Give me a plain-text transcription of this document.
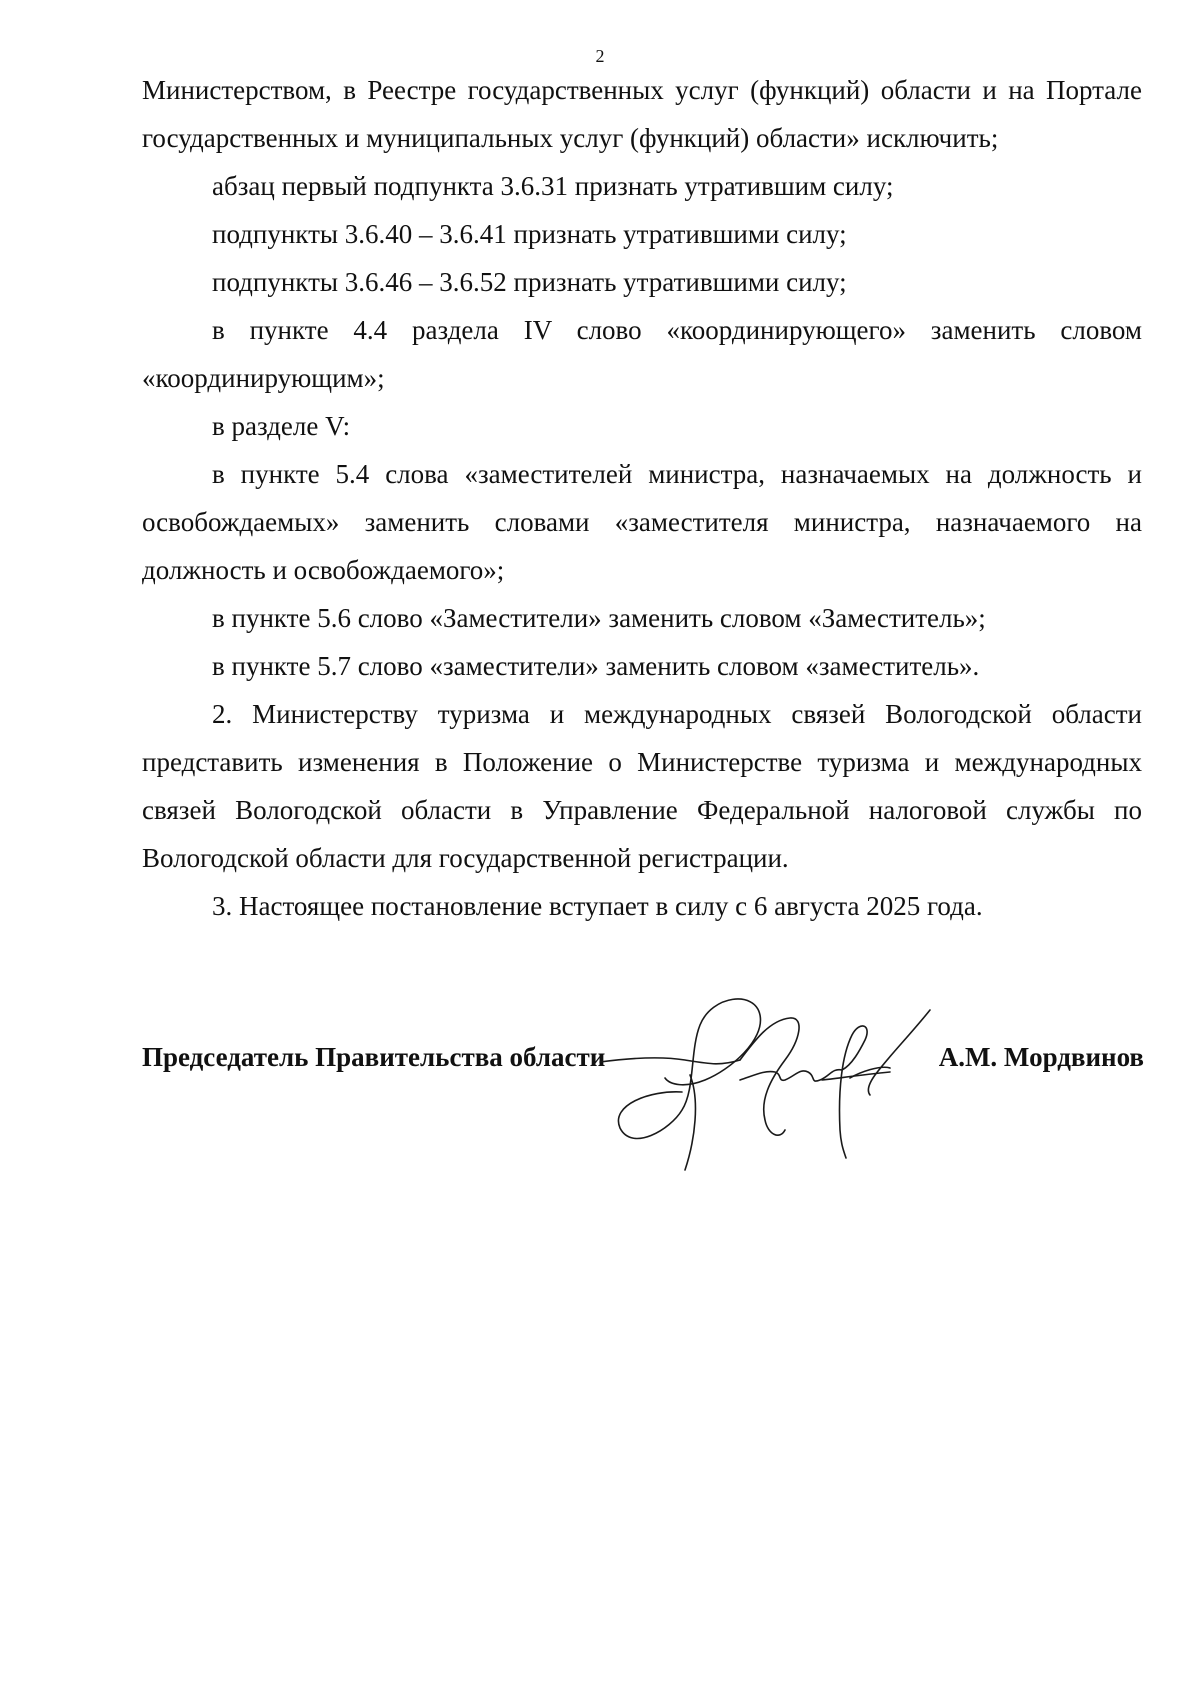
2

Министерством, в Реестре государственных услуг (функций) области и на Портале государственных и муниципальных услуг (функций) области» исключить;

абзац первый подпункта 3.6.31 признать утратившим силу;

подпункты 3.6.40 – 3.6.41 признать утратившими силу;

подпункты 3.6.46 – 3.6.52 признать утратившими силу;

в пункте 4.4 раздела IV слово «координирующего» заменить словом «координирующим»;

в разделе V:

в пункте 5.4 слова «заместителей министра, назначаемых на должность и освобождаемых» заменить словами «заместителя министра, назначаемого на должность и освобождаемого»;

в пункте 5.6 слово «Заместители» заменить словом «Заместитель»;

в пункте 5.7 слово «заместители» заменить словом «заместитель».

2. Министерству туризма и международных связей Вологодской области представить изменения в Положение о Министерстве туризма и международных связей Вологодской области в Управление Федеральной налоговой службы по Вологодской области для государственной регистрации.

3. Настоящее постановление вступает в силу с 6 августа 2025 года.

Председатель Правительства области	А.М. Мордвинов
